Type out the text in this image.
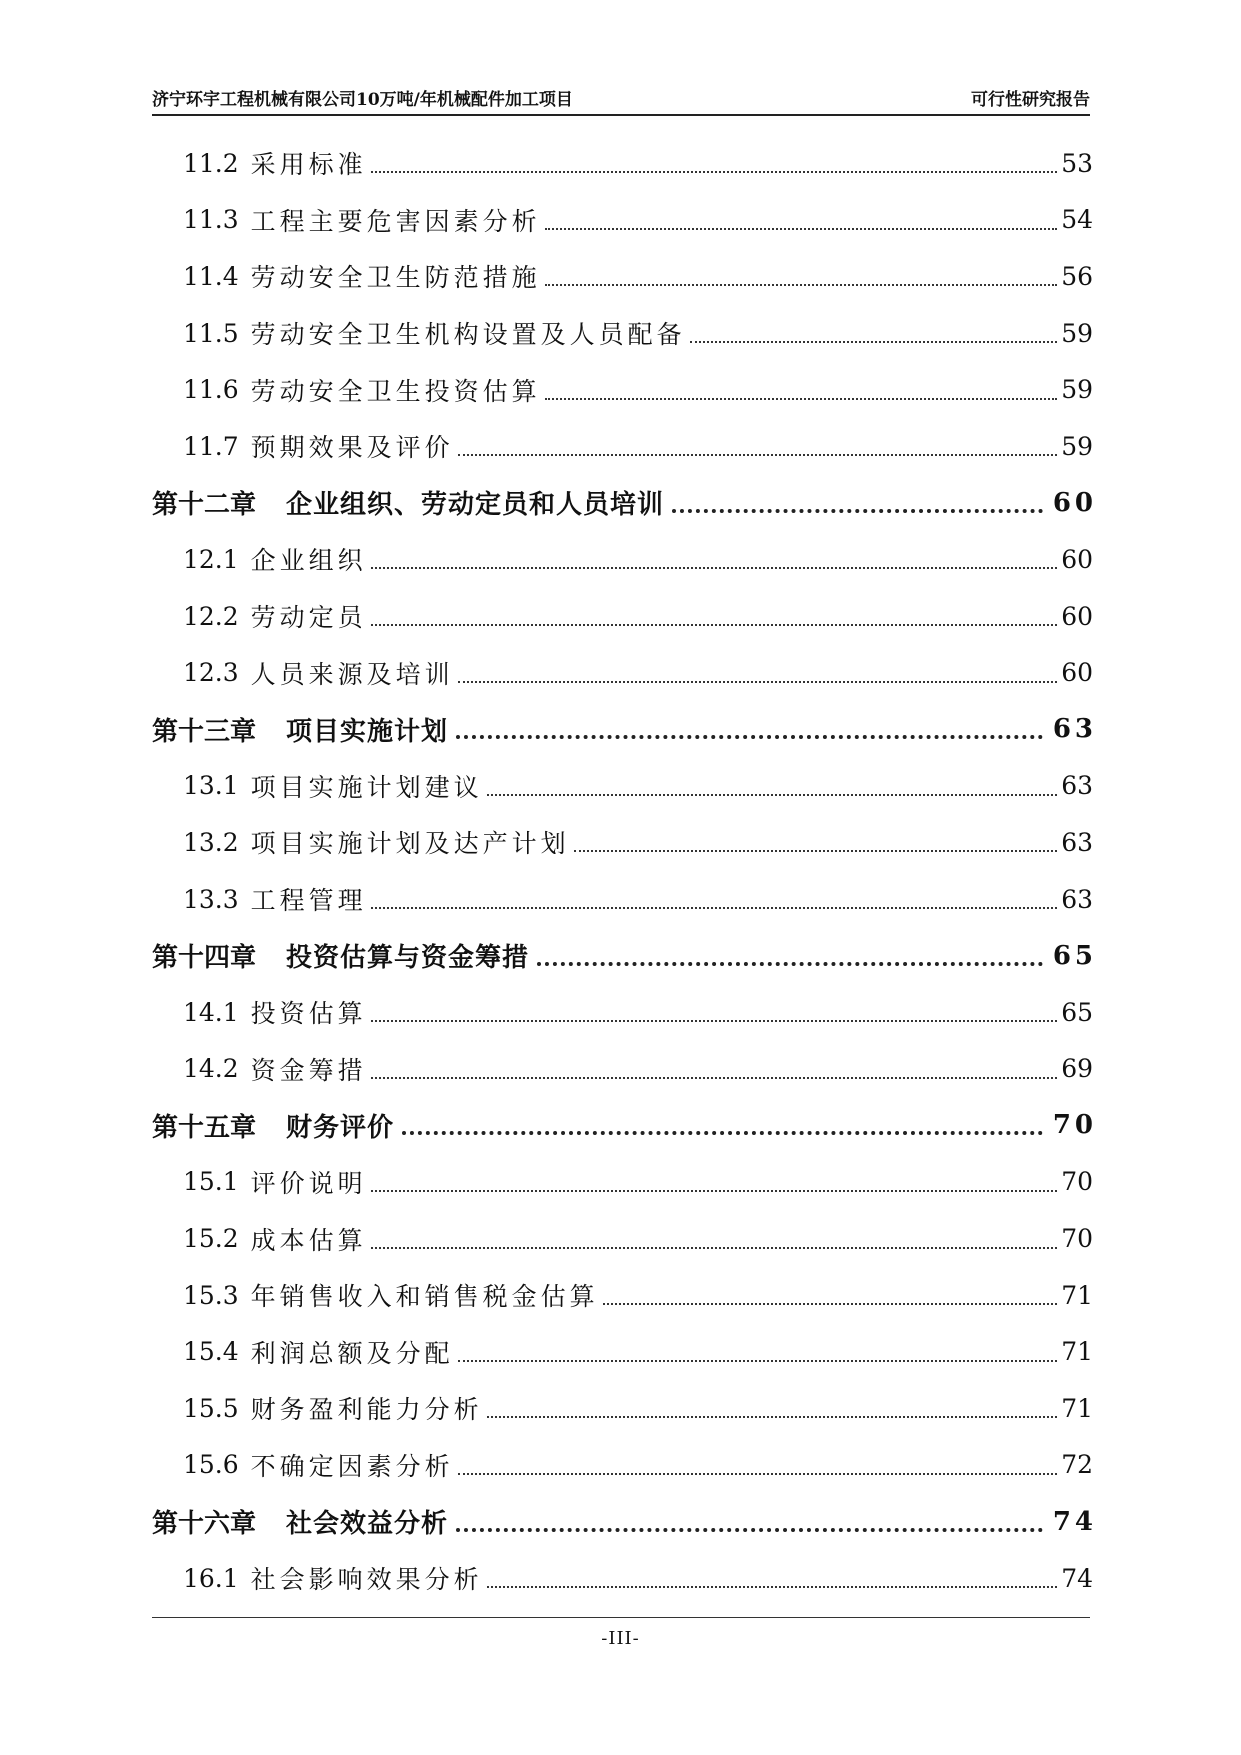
济宁环宇工程机械有限公司10万吨/年机械配件加工项目	可行性研究报告
11.2 采用标准	53
11.3 工程主要危害因素分析	54
11.4 劳动安全卫生防范措施	56
11.5 劳动安全卫生机构设置及人员配备	59
11.6 劳动安全卫生投资估算	59
11.7 预期效果及评价	59
第十二章 企业组织、劳动定员和人员培训	60
12.1 企业组织	60
12.2 劳动定员	60
12.3 人员来源及培训	60
第十三章 项目实施计划	63
13.1 项目实施计划建议	63
13.2 项目实施计划及达产计划	63
13.3 工程管理	63
第十四章 投资估算与资金筹措	65
14.1 投资估算	65
14.2 资金筹措	69
第十五章 财务评价	70
15.1 评价说明	70
15.2 成本估算	70
15.3 年销售收入和销售税金估算	71
15.4 利润总额及分配	71
15.5 财务盈利能力分析	71
15.6 不确定因素分析	72
第十六章 社会效益分析	74
16.1 社会影响效果分析	74
-III-
